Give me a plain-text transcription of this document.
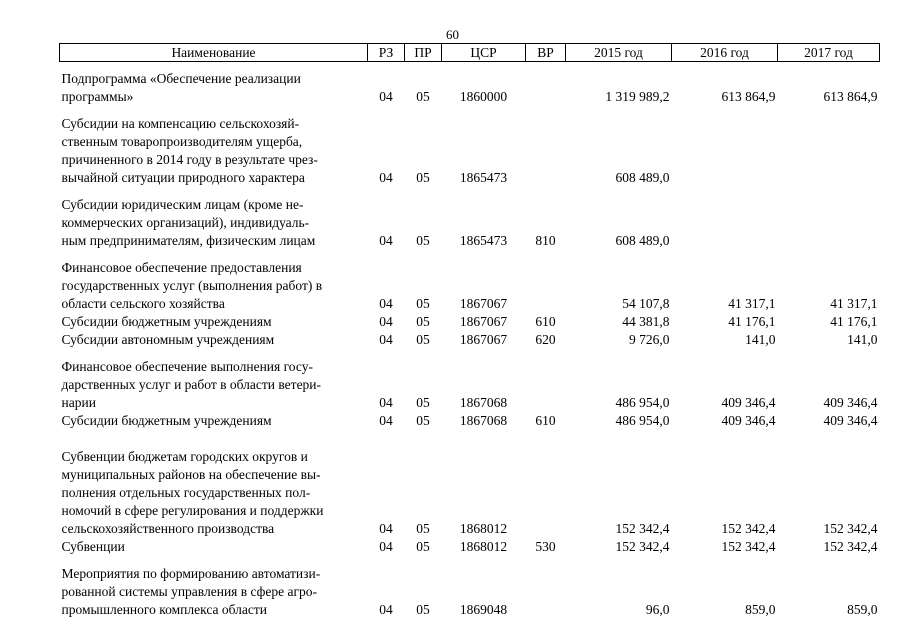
60
Наименование	РЗ	ПР	ЦСР	ВР	2015 год	2016 год	2017 год

Подпрограмма «Обеспечение реализации
программы»	04	05	1860000		1 319 989,2	613 864,9	613 864,9

Субсидии на компенсацию сельскохозяй-
ственным товаропроизводителям ущерба,
причиненного в 2014 году в результате чрез-
вычайной ситуации природного характера	04	05	1865473		608 489,0		

Субсидии юридическим лицам (кроме не-
коммерческих организаций), индивидуаль-
ным предпринимателям, физическим лицам	04	05	1865473	810	608 489,0		

Финансовое обеспечение предоставления
государственных услуг (выполнения работ) в
области сельского хозяйства	04	05	1867067		54 107,8	41 317,1	41 317,1

Субсидии бюджетным учреждениям	04	05	1867067	610	44 381,8	41 176,1	41 176,1

Субсидии автономным учреждениям	04	05	1867067	620	9 726,0	141,0	141,0

Финансовое обеспечение выполнения госу-
дарственных услуг и работ в области ветери-
нарии	04	05	1867068		486 954,0	409 346,4	409 346,4

Субсидии бюджетным учреждениям	04	05	1867068	610	486 954,0	409 346,4	409 346,4

Субвенции бюджетам городских округов и
муниципальных районов на обеспечение вы-
полнения отдельных государственных пол-
номочий в сфере регулирования и поддержки
сельскохозяйственного производства	04	05	1868012		152 342,4	152 342,4	152 342,4

Субвенции	04	05	1868012	530	152 342,4	152 342,4	152 342,4

Мероприятия по формированию автоматизи-
рованной системы управления в сфере агро-
промышленного комплекса области	04	05	1869048		96,0	859,0	859,0
